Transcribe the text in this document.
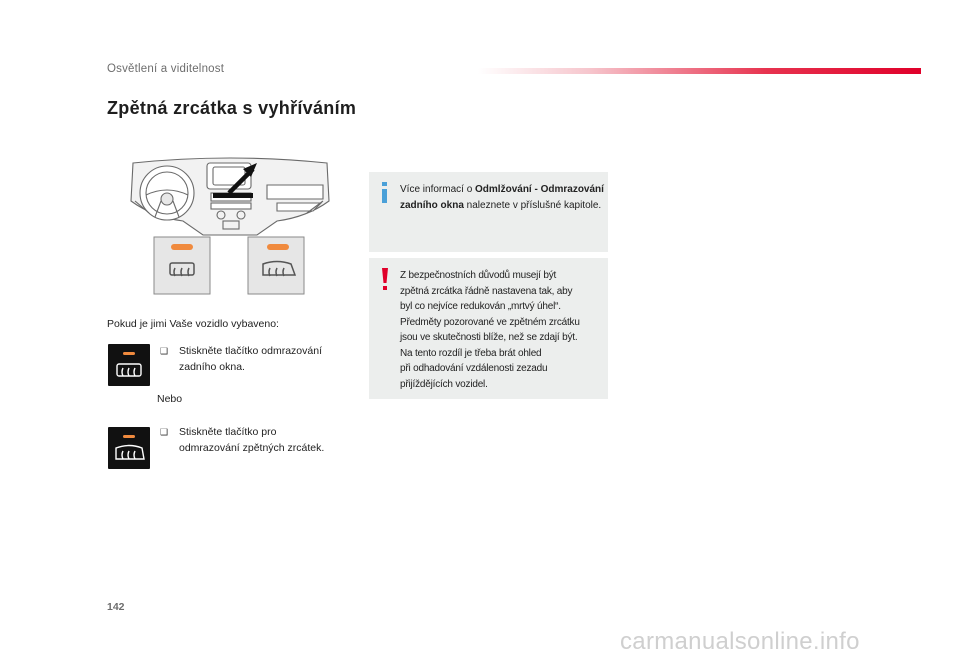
Osvětlení a viditelnost
Zpětná zrcátka s vyhříváním
Pokud je jimi Vaše vozidlo vybaveno:
❑ Stiskněte tlačítko odmrazování
zadního okna.
Nebo
❑ Stiskněte tlačítko pro
odmrazování zpětných zrcátek.
Více informací o Odmlžování - Odmrazování zadního okna naleznete v příslušné kapitole.
Z bezpečnostních důvodů musejí být
zpětná zrcátka řádně nastavena tak, aby
byl co nejvíce redukován „mrtvý úhel“.
Předměty pozorované ve zpětném zrcátku
jsou ve skutečnosti blíže, než se zdají být.
Na tento rozdíl je třeba brát ohled
při odhadování vzdálenosti zezadu
přijíždějících vozidel.
142
carmanualsonline.info
